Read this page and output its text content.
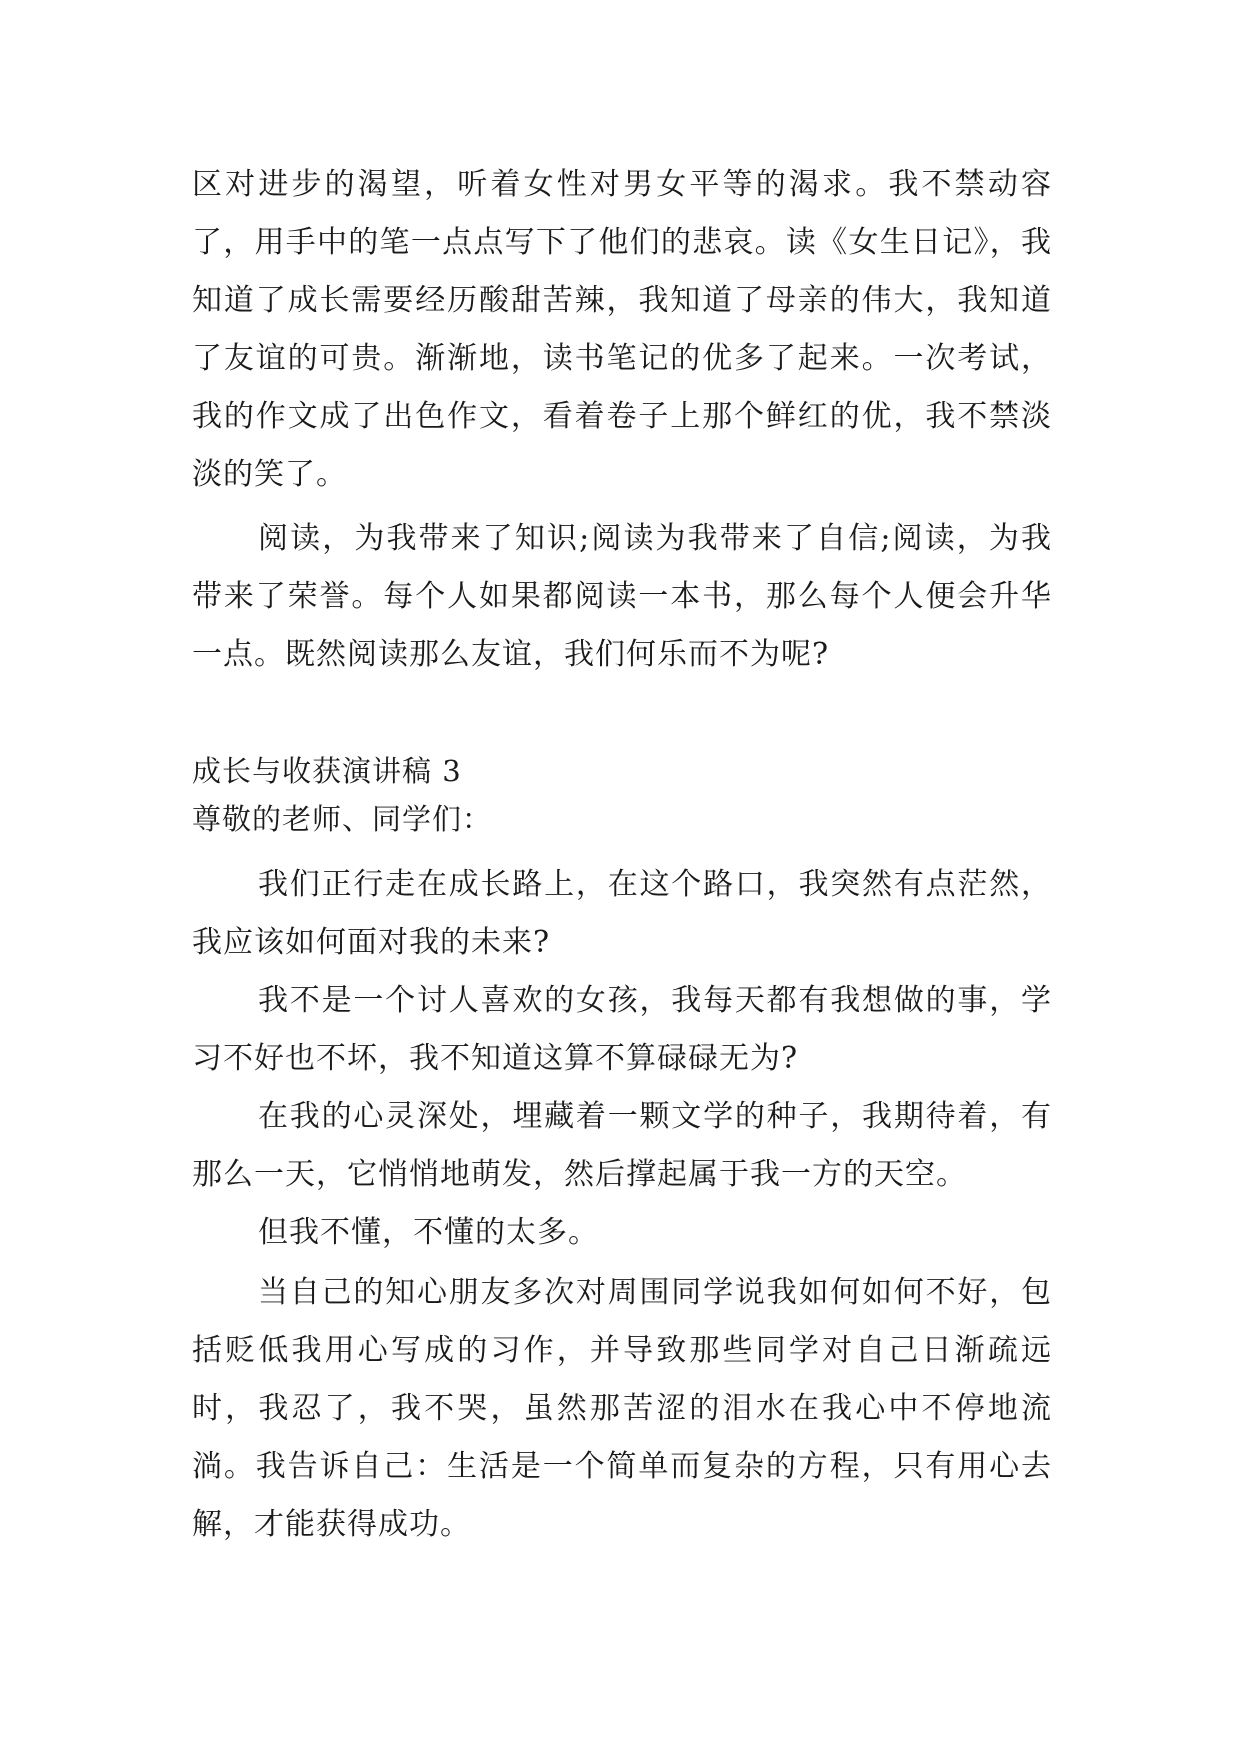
区对进步的渴望，听着女性对男女平等的渴求。我不禁动容了，用手中的笔一点点写下了他们的悲哀。读《女生日记》，我知道了成长需要经历酸甜苦辣，我知道了母亲的伟大，我知道了友谊的可贵。渐渐地，读书笔记的优多了起来。一次考试，我的作文成了出色作文，看着卷子上那个鲜红的优，我不禁淡淡的笑了。

阅读，为我带来了知识;阅读为我带来了自信;阅读，为我带来了荣誉。每个人如果都阅读一本书，那么每个人便会升华一点。既然阅读那么友谊，我们何乐而不为呢?

成长与收获演讲稿 3

尊敬的老师、同学们：

我们正行走在成长路上，在这个路口，我突然有点茫然，我应该如何面对我的未来?

我不是一个讨人喜欢的女孩，我每天都有我想做的事，学习不好也不坏，我不知道这算不算碌碌无为?

在我的心灵深处，埋藏着一颗文学的种子，我期待着，有那么一天，它悄悄地萌发，然后撑起属于我一方的天空。

但我不懂，不懂的太多。

当自己的知心朋友多次对周围同学说我如何如何不好，包括贬低我用心写成的习作，并导致那些同学对自己日渐疏远时，我忍了，我不哭，虽然那苦涩的泪水在我心中不停地流淌。我告诉自己：生活是一个简单而复杂的方程，只有用心去解，才能获得成功。
